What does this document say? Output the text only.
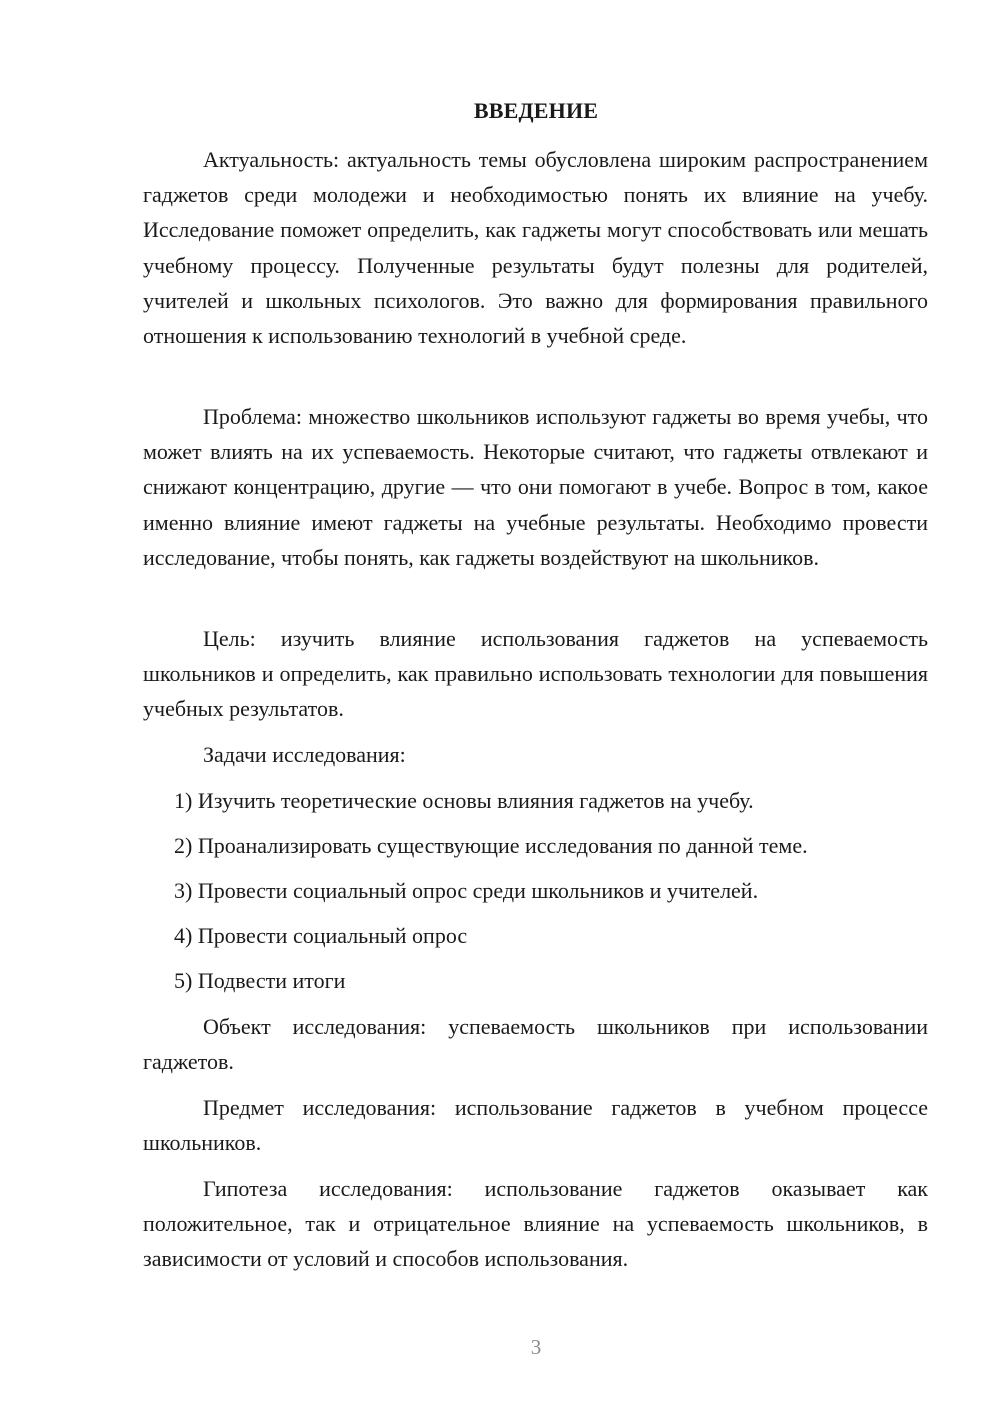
ВВЕДЕНИЕ

Актуальность: актуальность темы обусловлена широким распространением гаджетов среди молодежи и необходимостью понять их влияние на учебу. Исследование поможет определить, как гаджеты могут способствовать или мешать учебному процессу. Полученные результаты будут полезны для родителей, учителей и школьных психологов. Это важно для формирования правильного отношения к использованию технологий в учебной среде.

Проблема: множество школьников используют гаджеты во время учебы, что может влиять на их успеваемость. Некоторые считают, что гаджеты отвлекают и снижают концентрацию, другие — что они помогают в учебе. Вопрос в том, какое именно влияние имеют гаджеты на учебные результаты. Необходимо провести исследование, чтобы понять, как гаджеты воздействуют на школьников.

Цель: изучить влияние использования гаджетов на успеваемость школьников и определить, как правильно использовать технологии для повышения учебных результатов.

Задачи исследования:

1) Изучить теоретические основы влияния гаджетов на учебу.

2) Проанализировать существующие исследования по данной теме.

3) Провести социальный опрос среди школьников и учителей.

4) Провести социальный опрос

5) Подвести итоги

Объект исследования: успеваемость школьников при использовании гаджетов.

Предмет исследования: использование гаджетов в учебном процессе школьников.

Гипотеза исследования: использование гаджетов оказывает как положительное, так и отрицательное влияние на успеваемость школьников, в зависимости от условий и способов использования.

3
